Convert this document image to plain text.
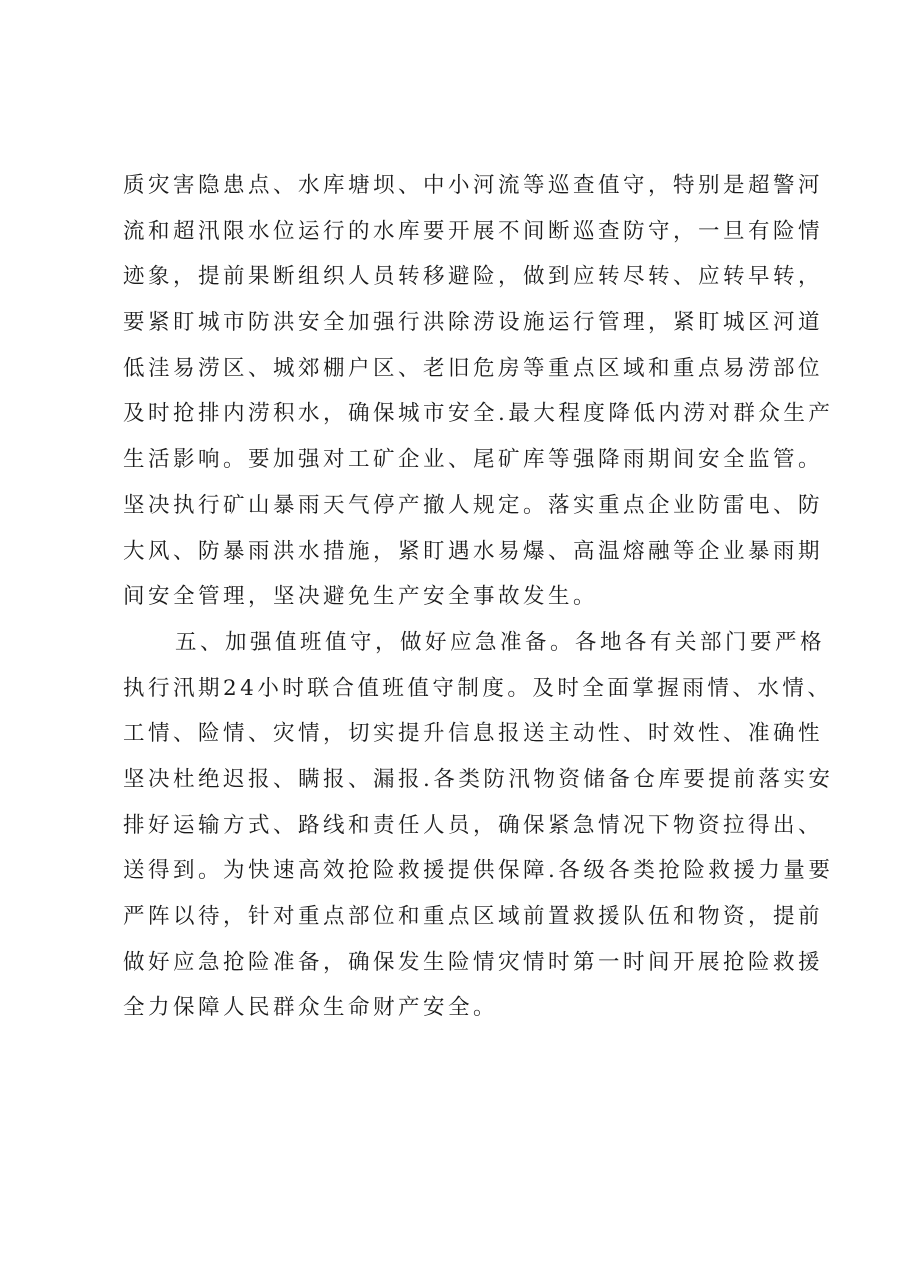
质灾害隐患点、水库塘坝、中小河流等巡查值守，特别是超警河
流和超汛限水位运行的水库要开展不间断巡查防守，一旦有险情
迹象，提前果断组织人员转移避险，做到应转尽转、应转早转，
要紧盯城市防洪安全加强行洪除涝设施运行管理，紧盯城区河道
低洼易涝区、城郊棚户区、老旧危房等重点区域和重点易涝部位
及时抢排内涝积水，确保城市安全.最大程度降低内涝对群众生产
生活影响。要加强对工矿企业、尾矿库等强降雨期间安全监管。
坚决执行矿山暴雨天气停产撤人规定。落实重点企业防雷电、防
大风、防暴雨洪水措施，紧盯遇水易爆、高温熔融等企业暴雨期
间安全管理，坚决避免生产安全事故发生。
五、加强值班值守，做好应急准备。各地各有关部门要严格
执行汛期24小时联合值班值守制度。及时全面掌握雨情、水情、
工情、险情、灾情，切实提升信息报送主动性、时效性、准确性
坚决杜绝迟报、瞒报、漏报.各类防汛物资储备仓库要提前落实安
排好运输方式、路线和责任人员，确保紧急情况下物资拉得出、
送得到。为快速高效抢险救援提供保障.各级各类抢险救援力量要
严阵以待，针对重点部位和重点区域前置救援队伍和物资，提前
做好应急抢险准备，确保发生险情灾情时第一时间开展抢险救援
全力保障人民群众生命财产安全。
